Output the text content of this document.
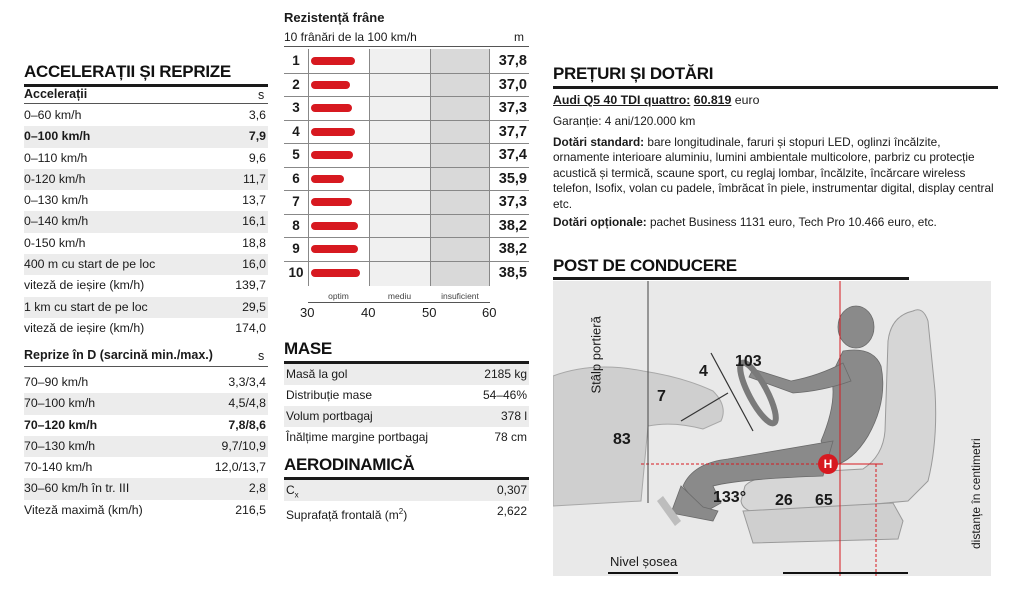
ACCELERAȚII ȘI REPRIZE
Accelerații	s
0–60 km/h	3,6
0–100 km/h	7,9
0–110 km/h	9,6
0-120 km/h	11,7
0–130 km/h	13,7
0–140 km/h	16,1
0-150 km/h	18,8
400 m cu start de pe loc	16,0
viteză de ieșire (km/h)	139,7
1 km cu start de pe loc	29,5
viteză de ieșire (km/h)	174,0
Reprize în D (sarcină min./max.)	s
70–90 km/h	3,3/3,4
70–100 km/h	4,5/4,8
70–120 km/h	7,8/8,6
70–130 km/h	9,7/10,9
70-140 km/h	12,0/13,7
30–60 km/h în tr. III	2,8
Viteză maximă (km/h)	216,5
Rezistență frâne
10 frânări de la 100 km/h	m
1	37,8
2	37,0
3	37,3
4	37,7
5	37,4
6	35,9
7	37,3
8	38,2
9	38,2
10	38,5
optim	mediu	insuficient
30	40	50	60
MASE
Masă la gol	2185 kg
Distribuție mase	54–46%
Volum portbagaj	378 l
Înălțime margine portbagaj	78 cm
AERODINAMICĂ
$C_x$	0,307
Suprafață frontală $(m^2)$	2,622
PREȚURI ȘI DOTĂRI
Audi Q5 40 TDI quattro: 60.819 euro
Garanție: 4 ani/120.000 km
Dotări standard: bare longitudinale, faruri și stopuri LED, oglinzi încălzite, ornamente interioare aluminiu, lumini ambientale multicolore, parbriz cu protecție acustică și termică, scaune sport, cu reglaj lombar, încălzite, încărcare wireless telefon, Isofix, volan cu padele, îmbrăcat în piele, instrumentar digital, display central etc.
Dotări opționale: pachet Business 1131 euro, Tech Pro 10.466 euro, etc.
POST DE CONDUCERE
103
4
7
83
133° 26 65
H
Stâlp portieră
Nivel șosea
distanțe în centimetri
